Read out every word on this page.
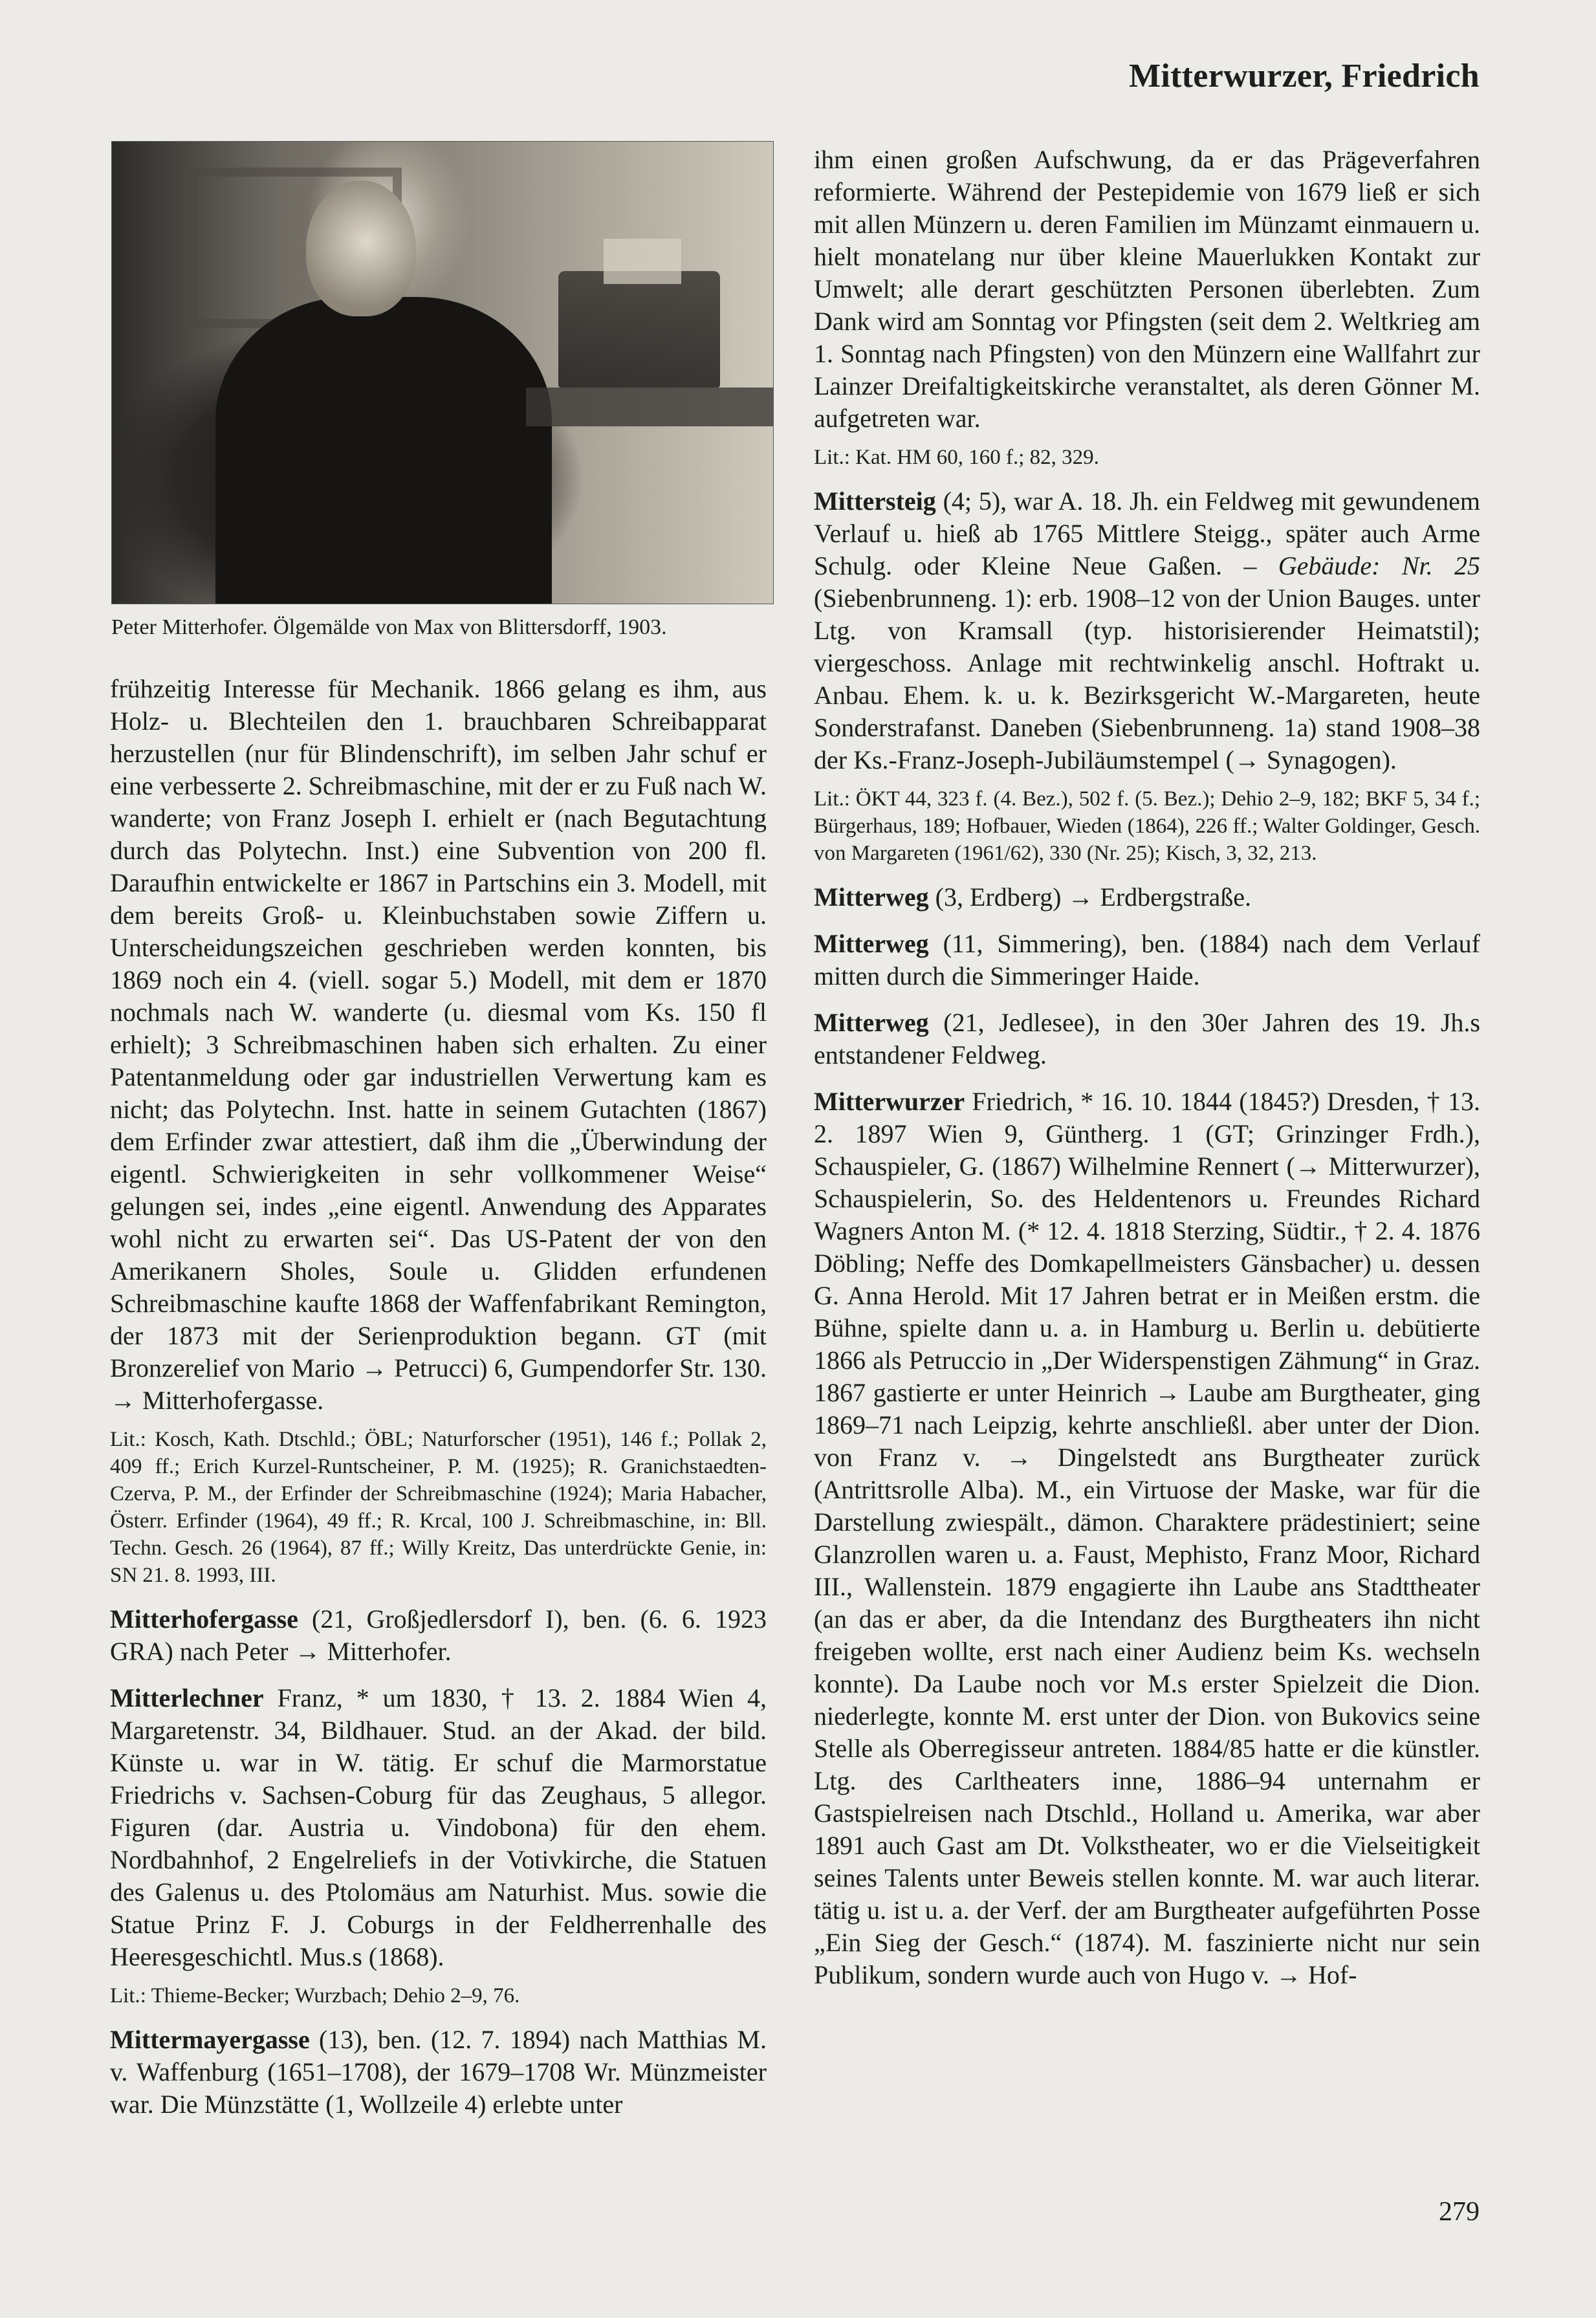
Mitterwurzer, Friedrich
Peter Mitterhofer. Ölgemälde von Max von Blittersdorff, 1903.

frühzeitig Interesse für Mechanik. 1866 gelang es ihm, aus Holz- u. Blechteilen den 1. brauchbaren Schreibapparat herzustellen (nur für Blindenschrift), im selben Jahr schuf er eine verbesserte 2. Schreibmaschine, mit der er zu Fuß nach W. wanderte; von Franz Joseph I. erhielt er (nach Begutachtung durch das Polytechn. Inst.) eine Subvention von 200 fl. Daraufhin entwickelte er 1867 in Partschins ein 3. Modell, mit dem bereits Groß- u. Kleinbuchstaben sowie Ziffern u. Unterscheidungszeichen geschrieben werden konnten, bis 1869 noch ein 4. (viell. sogar 5.) Modell, mit dem er 1870 nochmals nach W. wanderte (u. diesmal vom Ks. 150 fl erhielt); 3 Schreibmaschinen haben sich erhalten. Zu einer Patentanmeldung oder gar industriellen Verwertung kam es nicht; das Polytechn. Inst. hatte in seinem Gutachten (1867) dem Erfinder zwar attestiert, daß ihm die „Überwindung der eigentl. Schwierigkeiten in sehr vollkommener Weise“ gelungen sei, indes „eine eigentl. Anwendung des Apparates wohl nicht zu erwarten sei“. Das US-Patent der von den Amerikanern Sholes, Soule u. Glidden erfundenen Schreibmaschine kaufte 1868 der Waffenfabrikant Remington, der 1873 mit der Serienproduktion begann. GT (mit Bronzerelief von Mario → Petrucci) 6, Gumpendorfer Str. 130. → Mitterhofergasse.

Lit.: Kosch, Kath. Dtschld.; ÖBL; Naturforscher (1951), 146 f.; Pollak 2, 409 ff.; Erich Kurzel-Runtscheiner, P. M. (1925); R. Granichstaedten-Czerva, P. M., der Erfinder der Schreibmaschine (1924); Maria Habacher, Österr. Erfinder (1964), 49 ff.; R. Krcal, 100 J. Schreibmaschine, in: Bll. Techn. Gesch. 26 (1964), 87 ff.; Willy Kreitz, Das unterdrückte Genie, in: SN 21. 8. 1993, III.

Mitterhofergasse (21, Großjedlersdorf I), ben. (6. 6. 1923 GRA) nach Peter → Mitterhofer.

Mitterlechner Franz, * um 1830, † 13. 2. 1884 Wien 4, Margaretenstr. 34, Bildhauer. Stud. an der Akad. der bild. Künste u. war in W. tätig. Er schuf die Marmorstatue Friedrichs v. Sachsen-Coburg für das Zeughaus, 5 allegor. Figuren (dar. Austria u. Vindobona) für den ehem. Nordbahnhof, 2 Engelreliefs in der Votivkirche, die Statuen des Galenus u. des Ptolomäus am Naturhist. Mus. sowie die Statue Prinz F. J. Coburgs in der Feldherrenhalle des Heeresgeschichtl. Mus.s (1868).

Lit.: Thieme-Becker; Wurzbach; Dehio 2–9, 76.

Mittermayergasse (13), ben. (12. 7. 1894) nach Matthias M. v. Waffenburg (1651–1708), der 1679–1708 Wr. Münzmeister war. Die Münzstätte (1, Wollzeile 4) erlebte unter

ihm einen großen Aufschwung, da er das Prägeverfahren reformierte. Während der Pestepidemie von 1679 ließ er sich mit allen Münzern u. deren Familien im Münzamt einmauern u. hielt monatelang nur über kleine Mauerlukken Kontakt zur Umwelt; alle derart geschützten Personen überlebten. Zum Dank wird am Sonntag vor Pfingsten (seit dem 2. Weltkrieg am 1. Sonntag nach Pfingsten) von den Münzern eine Wallfahrt zur Lainzer Dreifaltigkeitskirche veranstaltet, als deren Gönner M. aufgetreten war.

Lit.: Kat. HM 60, 160 f.; 82, 329.

Mittersteig (4; 5), war A. 18. Jh. ein Feldweg mit gewundenem Verlauf u. hieß ab 1765 Mittlere Steigg., später auch Arme Schulg. oder Kleine Neue Gaßen. – Gebäude: Nr. 25 (Siebenbrunneng. 1): erb. 1908–12 von der Union Bauges. unter Ltg. von Kramsall (typ. historisierender Heimatstil); viergeschoss. Anlage mit rechtwinkelig anschl. Hoftrakt u. Anbau. Ehem. k. u. k. Bezirksgericht W.-Margareten, heute Sonderstrafanst. Daneben (Siebenbrunneng. 1a) stand 1908–38 der Ks.-Franz-Joseph-Jubiläumstempel (→ Synagogen).

Lit.: ÖKT 44, 323 f. (4. Bez.), 502 f. (5. Bez.); Dehio 2–9, 182; BKF 5, 34 f.; Bürgerhaus, 189; Hofbauer, Wieden (1864), 226 ff.; Walter Goldinger, Gesch. von Margareten (1961/62), 330 (Nr. 25); Kisch, 3, 32, 213.

Mitterweg (3, Erdberg) → Erdbergstraße.

Mitterweg (11, Simmering), ben. (1884) nach dem Verlauf mitten durch die Simmeringer Haide.

Mitterweg (21, Jedlesee), in den 30er Jahren des 19. Jh.s entstandener Feldweg.

Mitterwurzer Friedrich, * 16. 10. 1844 (1845?) Dresden, † 13. 2. 1897 Wien 9, Güntherg. 1 (GT; Grinzinger Frdh.), Schauspieler, G. (1867) Wilhelmine Rennert (→ Mitterwurzer), Schauspielerin, So. des Heldentenors u. Freundes Richard Wagners Anton M. (* 12. 4. 1818 Sterzing, Südtir., † 2. 4. 1876 Döbling; Neffe des Domkapellmeisters Gänsbacher) u. dessen G. Anna Herold. Mit 17 Jahren betrat er in Meißen erstm. die Bühne, spielte dann u. a. in Hamburg u. Berlin u. debütierte 1866 als Petruccio in „Der Widerspenstigen Zähmung“ in Graz. 1867 gastierte er unter Heinrich → Laube am Burgtheater, ging 1869–71 nach Leipzig, kehrte anschließl. aber unter der Dion. von Franz v. → Dingelstedt ans Burgtheater zurück (Antrittsrolle Alba). M., ein Virtuose der Maske, war für die Darstellung zwiespält., dämon. Charaktere prädestiniert; seine Glanzrollen waren u. a. Faust, Mephisto, Franz Moor, Richard III., Wallenstein. 1879 engagierte ihn Laube ans Stadttheater (an das er aber, da die Intendanz des Burgtheaters ihn nicht freigeben wollte, erst nach einer Audienz beim Ks. wechseln konnte). Da Laube noch vor M.s erster Spielzeit die Dion. niederlegte, konnte M. erst unter der Dion. von Bukovics seine Stelle als Oberregisseur antreten. 1884/85 hatte er die künstler. Ltg. des Carltheaters inne, 1886–94 unternahm er Gastspielreisen nach Dtschld., Holland u. Amerika, war aber 1891 auch Gast am Dt. Volkstheater, wo er die Vielseitigkeit seines Talents unter Beweis stellen konnte. M. war auch literar. tätig u. ist u. a. der Verf. der am Burgtheater aufgeführten Posse „Ein Sieg der Gesch.“ (1874). M. faszinierte nicht nur sein Publikum, sondern wurde auch von Hugo v. → Hof-

279
